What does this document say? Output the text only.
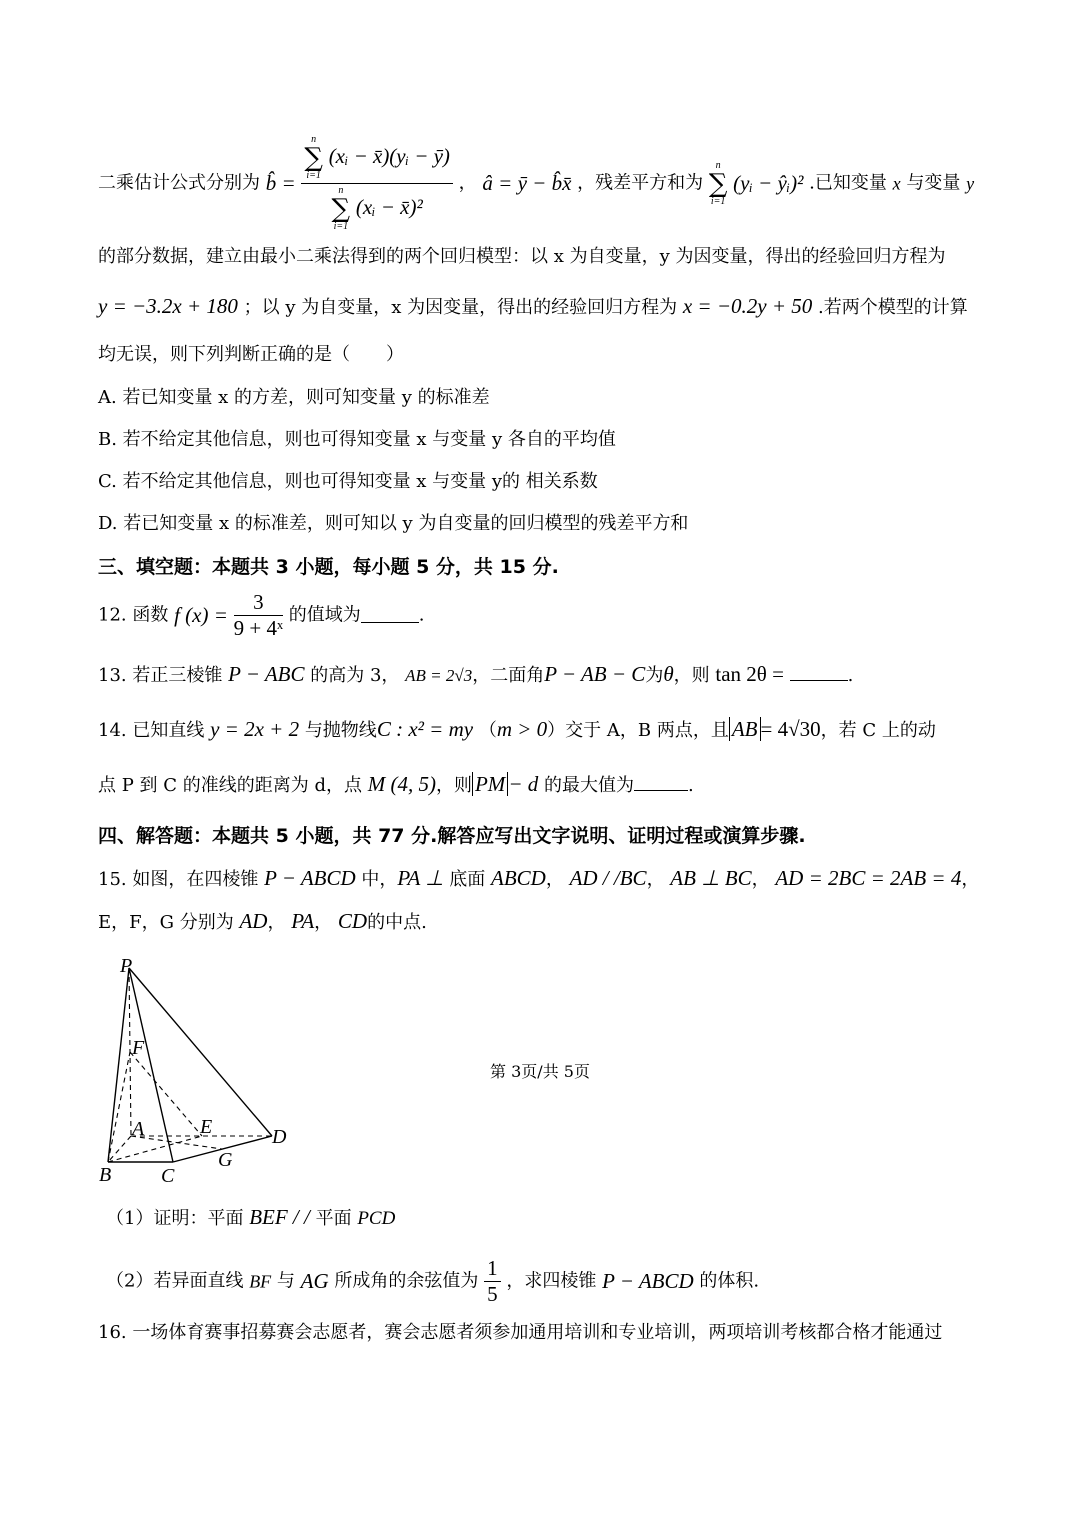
二乘估计公式分别为 b̂ = n
∑
i=1 (xᵢ − x̄)(yᵢ − ȳ)
n
∑
i=1 (xᵢ − x̄)² ， â = ȳ − b̂x̄ ，残差平方和为 n
∑
i=1 (yᵢ − ŷᵢ)² .已知变量 x 与变量 y
的部分数据，建立由最小二乘法得到的两个回归模型：以 x 为自变量，y 为因变量，得出的经验回归方程为
y = −3.2x + 180 ；以 y 为自变量，x 为因变量，得出的经验回归方程为 x = −0.2y + 50 .若两个模型的计算
均无误，则下列判断正确的是（　　）
A. 若已知变量 x 的方差，则可知变量 y 的标准差
B. 若不给定其他信息，则也可得知变量 x 与变量 y 各自的平均值
C. 若不给定其他信息，则也可得知变量 x 与变量 y的 相关系数
D. 若已知变量 x 的标准差，则可知以 y 为自变量的回归模型的残差平方和
三、填空题：本题共 3 小题，每小题 5 分，共 15 分.
12. 函数 f $(x) = \frac{3}{\text{9 + 4ˣ}}$ 的值域为	.
13. 若正三棱锥 P − ABC 的高为 3， AB = 2√3，二面角P − AB − C为θ，则 tan 2θ =	.
14. 已知直线 y = 2x + 2 与抛物线C : x² = my （m > 0）交于 A，B 两点，且 AB = 4√30，若 C 上的动
点 P 到 C 的准线的距离为 d，点 M (4, 5)，则 PM − d 的最大值为	.
四、解答题：本题共 5 小题，共 77 分.解答应写出文字说明、证明过程或演算步骤.
15. 如图，在四棱锥 P − ABCD 中，PA ⊥ 底面 ABCD， AD / /BC， AB ⊥ BC， AD = 2BC = 2AB = 4，
E，F，G 分别为 AD， PA， CD的中点.
P
F
A	E	D
B C
G
（1）证明：平面 BEF / / 平面 PCD
（2）若异面直线 BF 与 AG 所成角的余弦值为 $\frac{1}{5}$ ，求四棱锥 P − ABCD 的体积.
16. 一场体育赛事招募赛会志愿者，赛会志愿者须参加通用培训和专业培训，两项培训考核都合格才能通过
第 3页/共 5页
